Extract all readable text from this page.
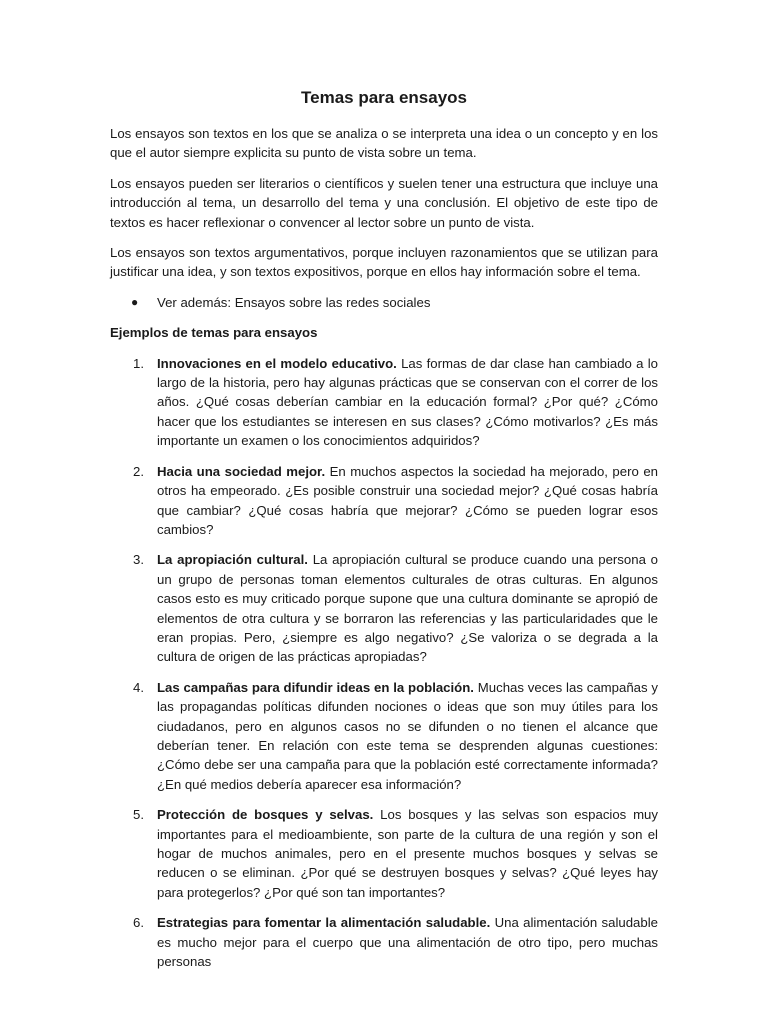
Temas para ensayos

Los ensayos son textos en los que se analiza o se interpreta una idea o un concepto y en los que el autor siempre explicita su punto de vista sobre un tema.

Los ensayos pueden ser literarios o científicos y suelen tener una estructura que incluye una introducción al tema, un desarrollo del tema y una conclusión. El objetivo de este tipo de textos es hacer reflexionar o convencer al lector sobre un punto de vista.

Los ensayos son textos argumentativos, porque incluyen razonamientos que se utilizan para justificar una idea, y son textos expositivos, porque en ellos hay información sobre el tema.

● Ver además: Ensayos sobre las redes sociales

Ejemplos de temas para ensayos

1. Innovaciones en el modelo educativo. Las formas de dar clase han cambiado a lo largo de la historia, pero hay algunas prácticas que se conservan con el correr de los años. ¿Qué cosas deberían cambiar en la educación formal? ¿Por qué? ¿Cómo hacer que los estudiantes se interesen en sus clases? ¿Cómo motivarlos? ¿Es más importante un examen o los conocimientos adquiridos?
2. Hacia una sociedad mejor. En muchos aspectos la sociedad ha mejorado, pero en otros ha empeorado. ¿Es posible construir una sociedad mejor? ¿Qué cosas habría que cambiar? ¿Qué cosas habría que mejorar? ¿Cómo se pueden lograr esos cambios?
3. La apropiación cultural. La apropiación cultural se produce cuando una persona o un grupo de personas toman elementos culturales de otras culturas. En algunos casos esto es muy criticado porque supone que una cultura dominante se apropió de elementos de otra cultura y se borraron las referencias y las particularidades que le eran propias. Pero, ¿siempre es algo negativo? ¿Se valoriza o se degrada a la cultura de origen de las prácticas apropiadas?
4. Las campañas para difundir ideas en la población. Muchas veces las campañas y las propagandas políticas difunden nociones o ideas que son muy útiles para los ciudadanos, pero en algunos casos no se difunden o no tienen el alcance que deberían tener. En relación con este tema se desprenden algunas cuestiones: ¿Cómo debe ser una campaña para que la población esté correctamente informada? ¿En qué medios debería aparecer esa información?
5. Protección de bosques y selvas. Los bosques y las selvas son espacios muy importantes para el medioambiente, son parte de la cultura de una región y son el hogar de muchos animales, pero en el presente muchos bosques y selvas se reducen o se eliminan. ¿Por qué se destruyen bosques y selvas? ¿Qué leyes hay para protegerlos? ¿Por qué son tan importantes?
6. Estrategias para fomentar la alimentación saludable. Una alimentación saludable es mucho mejor para el cuerpo que una alimentación de otro tipo, pero muchas personas
